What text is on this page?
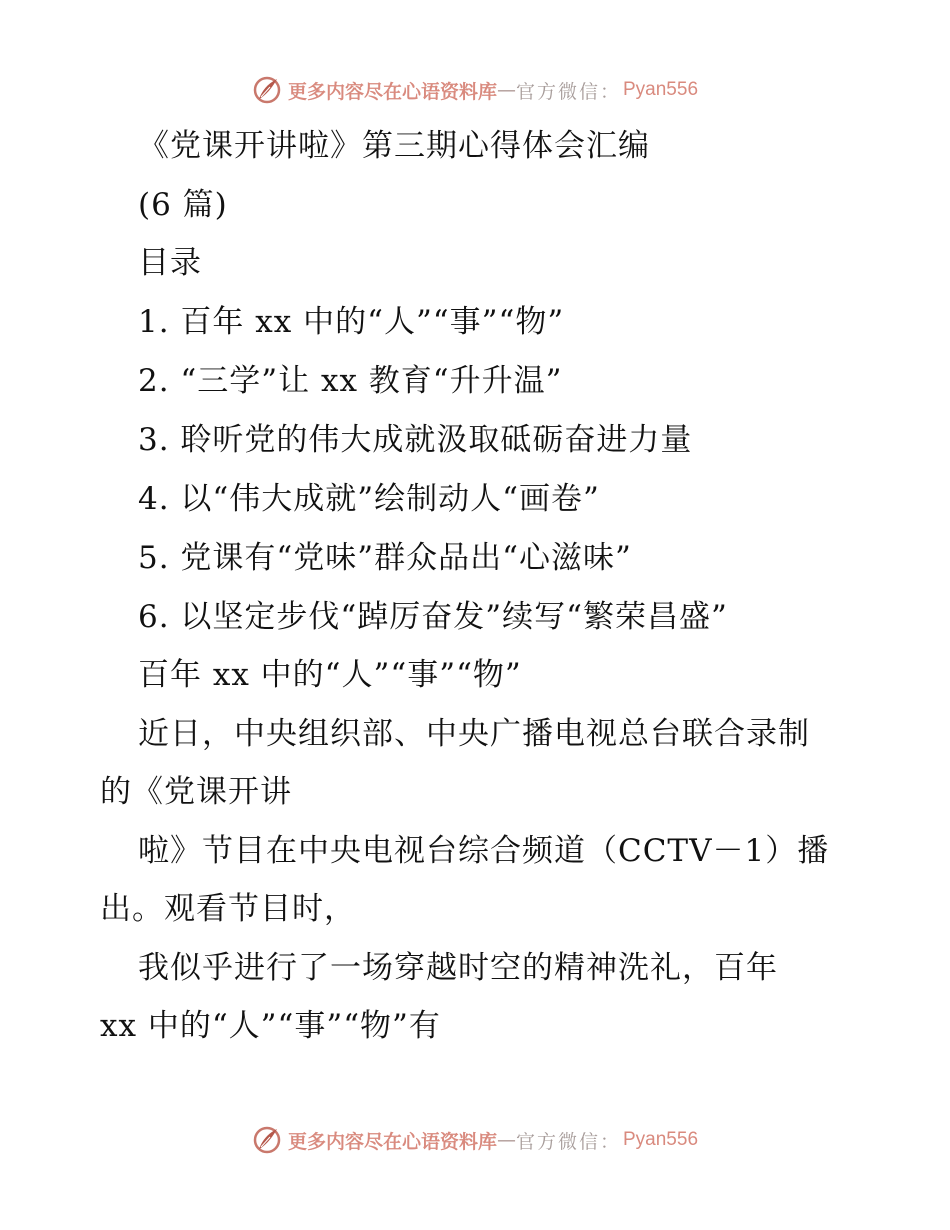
更多内容尽在心语资料库 — 官方微信： Pyan556
《党课开讲啦》第三期心得体会汇编
(6 篇)
目录
1. 百年 xx 中的“人”“事”“物”
2. “三学”让 xx 教育“升升温”
3. 聆听党的伟大成就汲取砥砺奋进力量
4. 以“伟大成就”绘制动人“画卷”
5. 党课有“党味”群众品出“心滋味”
6. 以坚定步伐“踔厉奋发”续写“繁荣昌盛”
百年 xx 中的“人”“事”“物”
近日，中央组织部、中央广播电视总台联合录制
的《党课开讲
啦》节目在中央电视台综合频道（CCTV－1）播
出。观看节目时，
我似乎进行了一场穿越时空的精神洗礼，百年
xx 中的“人”“事”“物”有
更多内容尽在心语资料库 — 官方微信： Pyan556
